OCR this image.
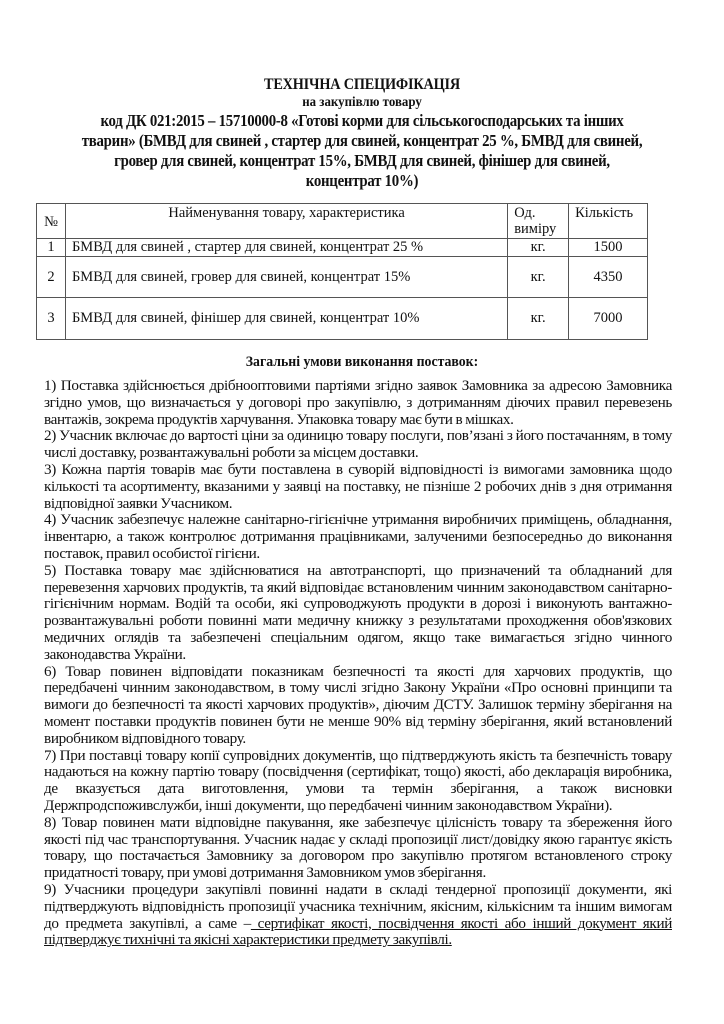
ТЕХНІЧНА СПЕЦИФІКАЦІЯ
на закупівлю товару
код ДК 021:2015 – 15710000-8 «Готові корми для сільськогосподарських та інших
тварин» (БМВД для свиней , стартер для свиней, концентрат 25 %, БМВД для свиней,
гровер для свиней, концентрат 15%, БМВД для свиней, фінішер для свиней,
концентрат 10%)
№	Найменування товару, характеристика	Од. виміру	Кількість
1	БМВД для свиней , стартер для свиней, концентрат 25 %	кг.	1500
2	БМВД для свиней, гровер для свиней, концентрат 15%	кг.	4350
3	БМВД для свиней, фінішер для свиней, концентрат 10%	кг.	7000
Загальні умови виконання поставок:

1) Поставка здійснюється дрібнооптовими партіями згідно заявок Замовника за адресою Замовника згідно умов, що визначається у договорі про закупівлю, з дотриманням діючих правил перевезень вантажів, зокрема продуктів харчування. Упаковка товару має бути в мішках.

2) Учасник включає до вартості ціни за одиницю товару послуги, пов’язані з його постачанням, в тому числі доставку, розвантажувальні роботи за місцем доставки.

3) Кожна партія товарів має бути поставлена в суворій відповідності із вимогами замовника щодо кількості та асортименту, вказаними у заявці на поставку, не пізніше 2 робочих днів з дня отримання відповідної заявки Учасником.

4) Учасник забезпечує належне санітарно-гігієнічне утримання виробничих приміщень, обладнання, інвентарю, а також контролює дотримання працівниками, залученими безпосередньо до виконання поставок, правил особистої гігієни.

5) Поставка товару має здійснюватися на автотранспорті, що призначений та обладнаний для перевезення харчових продуктів, та який відповідає встановленим чинним законодавством санітарно-гігієнічним нормам. Водій та особи, які супроводжують продукти в дорозі і виконують вантажно-розвантажувальні роботи повинні мати медичну книжку з результатами проходження обов'язкових медичних оглядів та забезпечені спеціальним одягом, якщо таке вимагається згідно чинного законодавства України.

6) Товар повинен відповідати показникам безпечності та якості для харчових продуктів, що передбачені чинним законодавством, в тому числі згідно Закону України «Про основні принципи та вимоги до безпечності та якості харчових продуктів», діючим ДСТУ. Залишок терміну зберігання на момент поставки продуктів повинен бути не менше 90% від терміну зберігання, який встановлений виробником відповідного товару.

7) При поставці товару копії супровідних документів, що підтверджують якість та безпечність товару надаються на кожну партію товару (посвідчення (сертифікат, тощо) якості, або декларація виробника, де вказується дата виготовлення, умови та термін зберігання, а також висновки Держпродспоживслужби, інші документи, що передбачені чинним законодавством України).

8) Товар повинен мати відповідне пакування, яке забезпечує цілісність товару та збереження його якості під час транспортування. Учасник надає у складі пропозиції лист/довідку якою гарантує якість товару, що постачається Замовнику за договором про закупівлю протягом встановленого строку придатності товару, при умові дотримання Замовником умов зберігання.

9) Учасники процедури закупівлі повинні надати в складі тендерної пропозиції документи, які підтверджують відповідність пропозиції учасника технічним, якісним, кількісним та іншим вимогам до предмета закупівлі, а саме – сертифікат якості, посвідчення якості або інший документ який підтверджує тихнічні та якісні характеристики предмету закупівлі.
